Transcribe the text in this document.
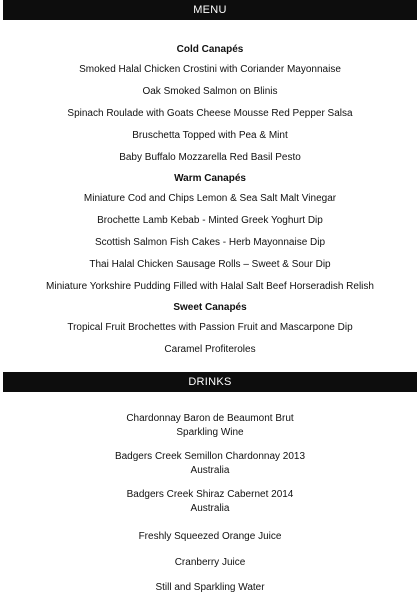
MENU

Cold Canapés

Smoked Halal Chicken Crostini with Coriander Mayonnaise

Oak Smoked Salmon on Blinis

Spinach Roulade with Goats Cheese Mousse Red Pepper Salsa

Bruschetta Topped with Pea & Mint

Baby Buffalo Mozzarella Red Basil Pesto

Warm Canapés

Miniature Cod and Chips Lemon & Sea Salt Malt Vinegar

Brochette Lamb Kebab - Minted Greek Yoghurt Dip

Scottish Salmon Fish Cakes - Herb Mayonnaise Dip

Thai Halal Chicken Sausage Rolls – Sweet & Sour Dip

Miniature Yorkshire Pudding Filled with Halal Salt Beef Horseradish Relish

Sweet Canapés

Tropical Fruit Brochettes with Passion Fruit and Mascarpone Dip

Caramel Profiteroles

DRINKS

Chardonnay Baron de Beaumont Brut

Sparkling Wine

Badgers Creek Semillon Chardonnay 2013

Australia

Badgers Creek Shiraz Cabernet 2014

Australia

Freshly Squeezed Orange Juice

Cranberry Juice

Still and Sparkling Water
